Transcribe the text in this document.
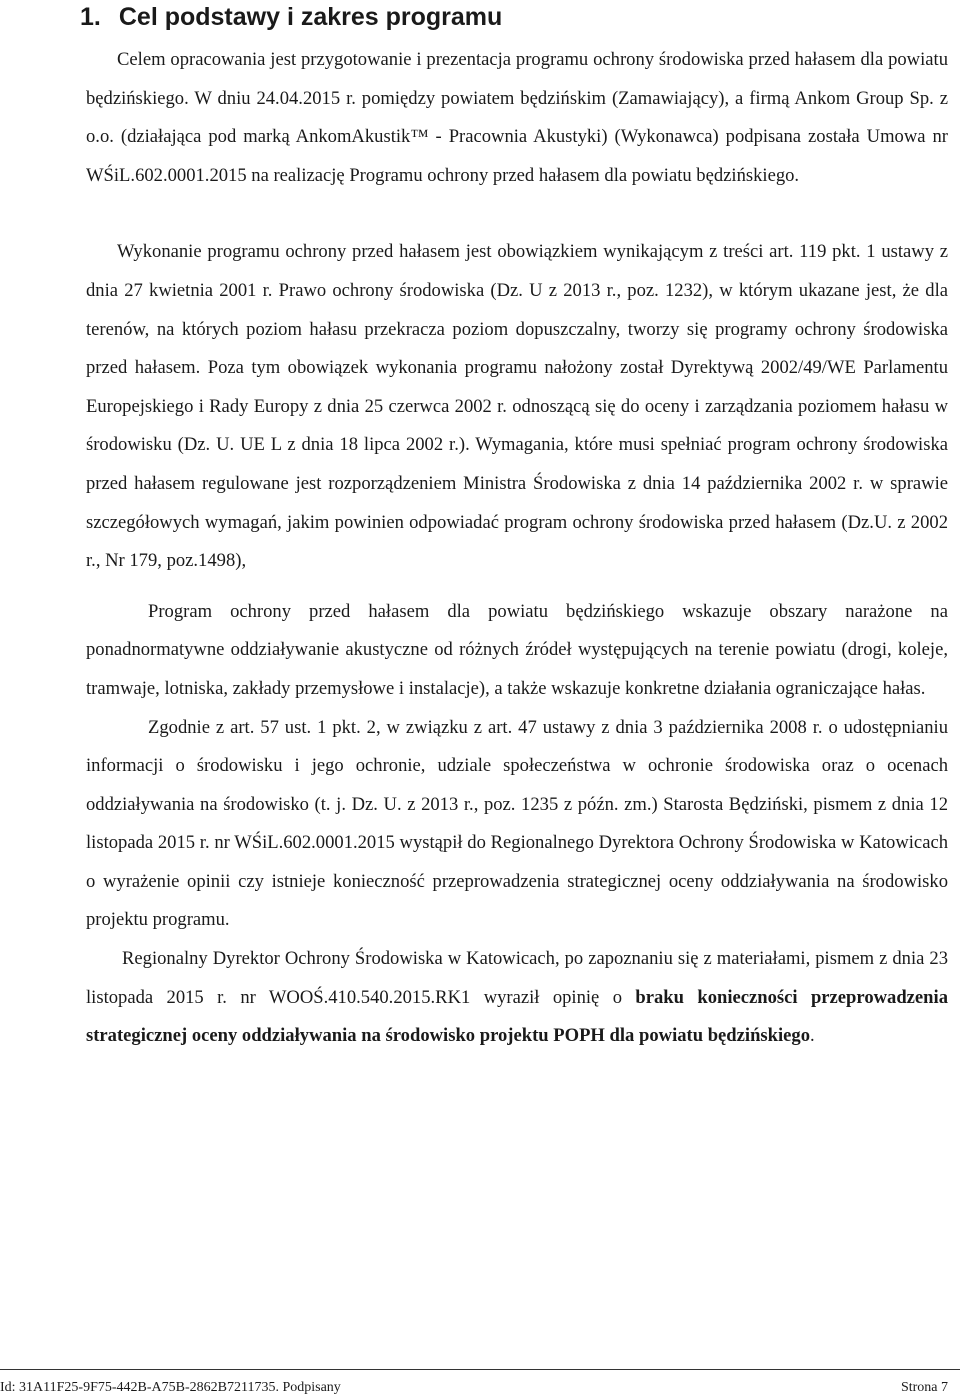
1. Cel podstawy i zakres programu

Celem opracowania jest przygotowanie i prezentacja programu ochrony środowiska przed hałasem dla powiatu będzińskiego. W dniu 24.04.2015 r. pomiędzy powiatem będzińskim (Zamawiający), a firmą Ankom Group Sp. z o.o. (działająca pod marką AnkomAkustik™ - Pracownia Akustyki) (Wykonawca) podpisana została Umowa nr WŚiL.602.0001.2015 na realizację Programu ochrony przed hałasem dla powiatu będzińskiego.

Wykonanie programu ochrony przed hałasem jest obowiązkiem wynikającym z treści art. 119 pkt. 1 ustawy z dnia 27 kwietnia 2001 r. Prawo ochrony środowiska (Dz. U z 2013 r., poz. 1232), w którym ukazane jest, że dla terenów, na których poziom hałasu przekracza poziom dopuszczalny, tworzy się programy ochrony środowiska przed hałasem. Poza tym obowiązek wykonania programu nałożony został Dyrektywą 2002/49/WE Parlamentu Europejskiego i Rady Europy z dnia 25 czerwca 2002 r. odnoszącą się do oceny i zarządzania poziomem hałasu w środowisku (Dz. U. UE L z dnia 18 lipca 2002 r.). Wymagania, które musi spełniać program ochrony środowiska przed hałasem regulowane jest rozporządzeniem Ministra Środowiska z dnia 14 października 2002 r. w sprawie szczegółowych wymagań, jakim powinien odpowiadać program ochrony środowiska przed hałasem (Dz.U. z 2002 r., Nr 179, poz.1498),

Program ochrony przed hałasem dla powiatu będzińskiego wskazuje obszary narażone na ponadnormatywne oddziaływanie akustyczne od różnych źródeł występujących na terenie powiatu (drogi, koleje, tramwaje, lotniska, zakłady przemysłowe i instalacje), a także wskazuje konkretne działania ograniczające hałas.

Zgodnie z art. 57 ust. 1 pkt. 2, w związku z art. 47 ustawy z dnia 3 października 2008 r. o udostępnianiu informacji o środowisku i jego ochronie, udziale społeczeństwa w ochronie środowiska oraz o ocenach oddziaływania na środowisko (t. j. Dz. U. z 2013 r., poz. 1235 z późn. zm.) Starosta Będziński, pismem z dnia 12 listopada 2015 r. nr WŚiL.602.0001.2015 wystąpił do Regionalnego Dyrektora Ochrony Środowiska w Katowicach o wyrażenie opinii czy istnieje konieczność przeprowadzenia strategicznej oceny oddziaływania na środowisko projektu programu.

Regionalny Dyrektor Ochrony Środowiska w Katowicach, po zapoznaniu się z materiałami, pismem z dnia 23 listopada 2015 r. nr WOOŚ.410.540.2015.RK1 wyraził opinię o braku konieczności przeprowadzenia strategicznej oceny oddziaływania na środowisko projektu POPH dla powiatu będzińskiego.

Id: 31A11F25-9F75-442B-A75B-2862B7211735. Podpisany	Strona 7
